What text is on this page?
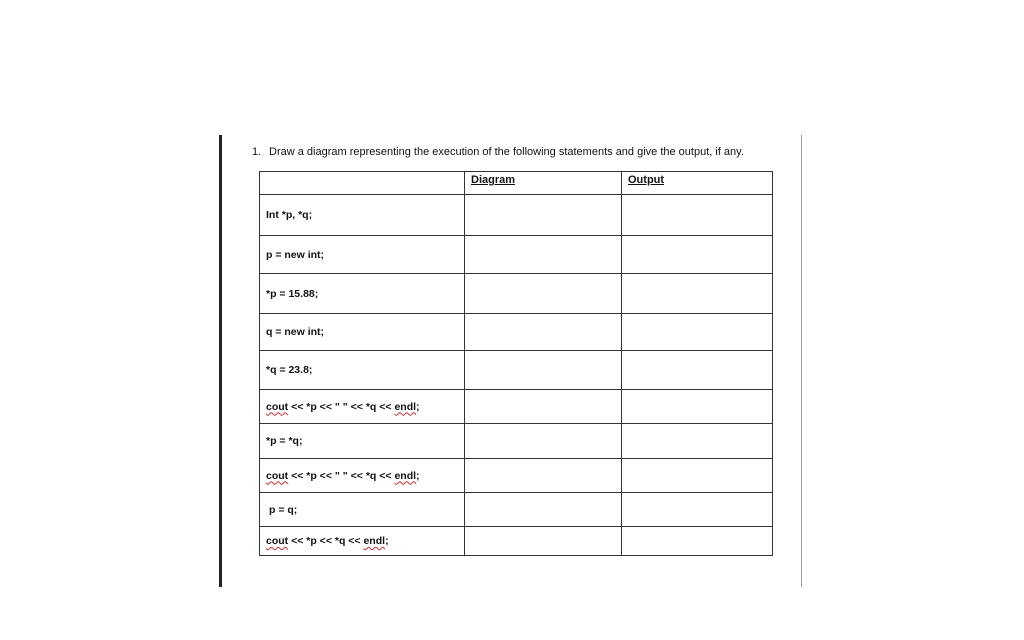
1. Draw a diagram representing the execution of the following statements and give the output, if any.
	Diagram	Output
Int *p, *q;		
p = new int;		
*p = 15.88;		
q = new int;		
*q = 23.8;		
cout << *p << " " << *q << endl;		
*p = *q;		
cout << *p << " " << *q << endl;		
p = q;		
cout << *p << *q << endl;		
